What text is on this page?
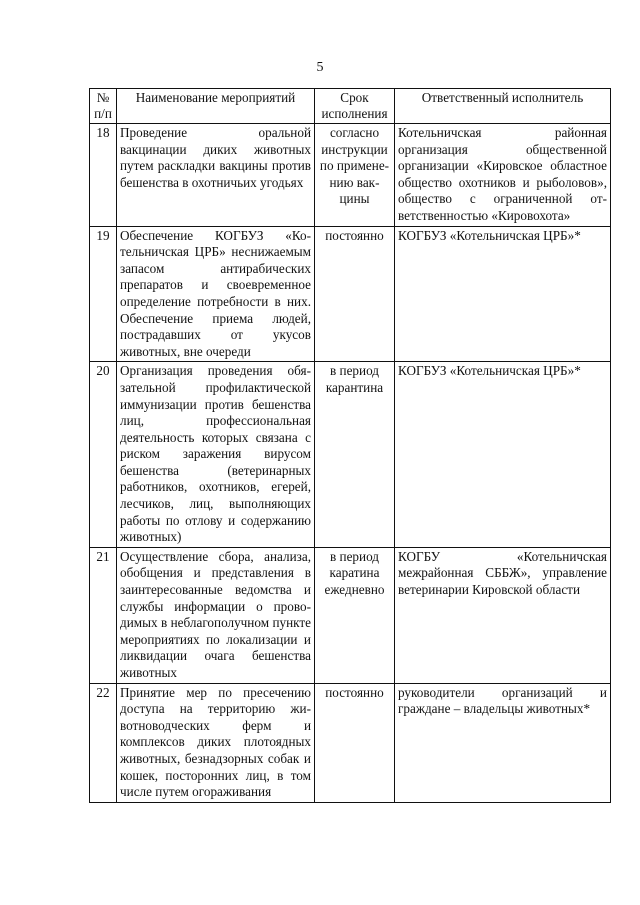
5
№ п/п	Наименование мероприятий	Срок исполнения	Ответственный исполнитель
18	Проведение оральной вакцинации диких животных путем раскладки вакцины против бешенства в охотничьих угодьях	согласно инструкции по применению вакцины	Котельничская районная организация общественной организации «Кировское областное общество охотников и рыболовов», общество с ограниченной ответственностью «Кировохота»
19	Обеспечение КОГБУЗ «Котельничская ЦРБ» неснижаемым запасом антирабических препаратов и своевременное определение потребности в них. Обеспечение приема людей, пострадавших от укусов животных, вне очереди	постоянно	КОГБУЗ «Котельничская ЦРБ»*
20	Организация проведения обязательной профилактической иммунизации против бешенства лиц, профессиональная деятельность которых связана с риском заражения вирусом бешенства (ветеринарных работников, охотников, егерей, лесчиков, лиц, выполняющих работы по отлову и содержанию животных)	в период карантина	КОГБУЗ «Котельничская ЦРБ»*
21	Осуществление сбора, анализа, обобщения и представления в заинтересованные ведомства и службы информации о проводимых в неблагополучном пункте мероприятиях по локализации и ликвидации очага бешенства животных	в период каратина ежедневно	КОГБУ «Котельничская межрайонная СББЖ», управление ветеринарии Кировской области
22	Принятие мер по пресечению доступа на территорию животноводческих ферм и комплексов диких плотоядных животных, безнадзорных собак и кошек, посторонних лиц, в том числе путем огораживания	постоянно	руководители организаций и граждане – владельцы животных*
